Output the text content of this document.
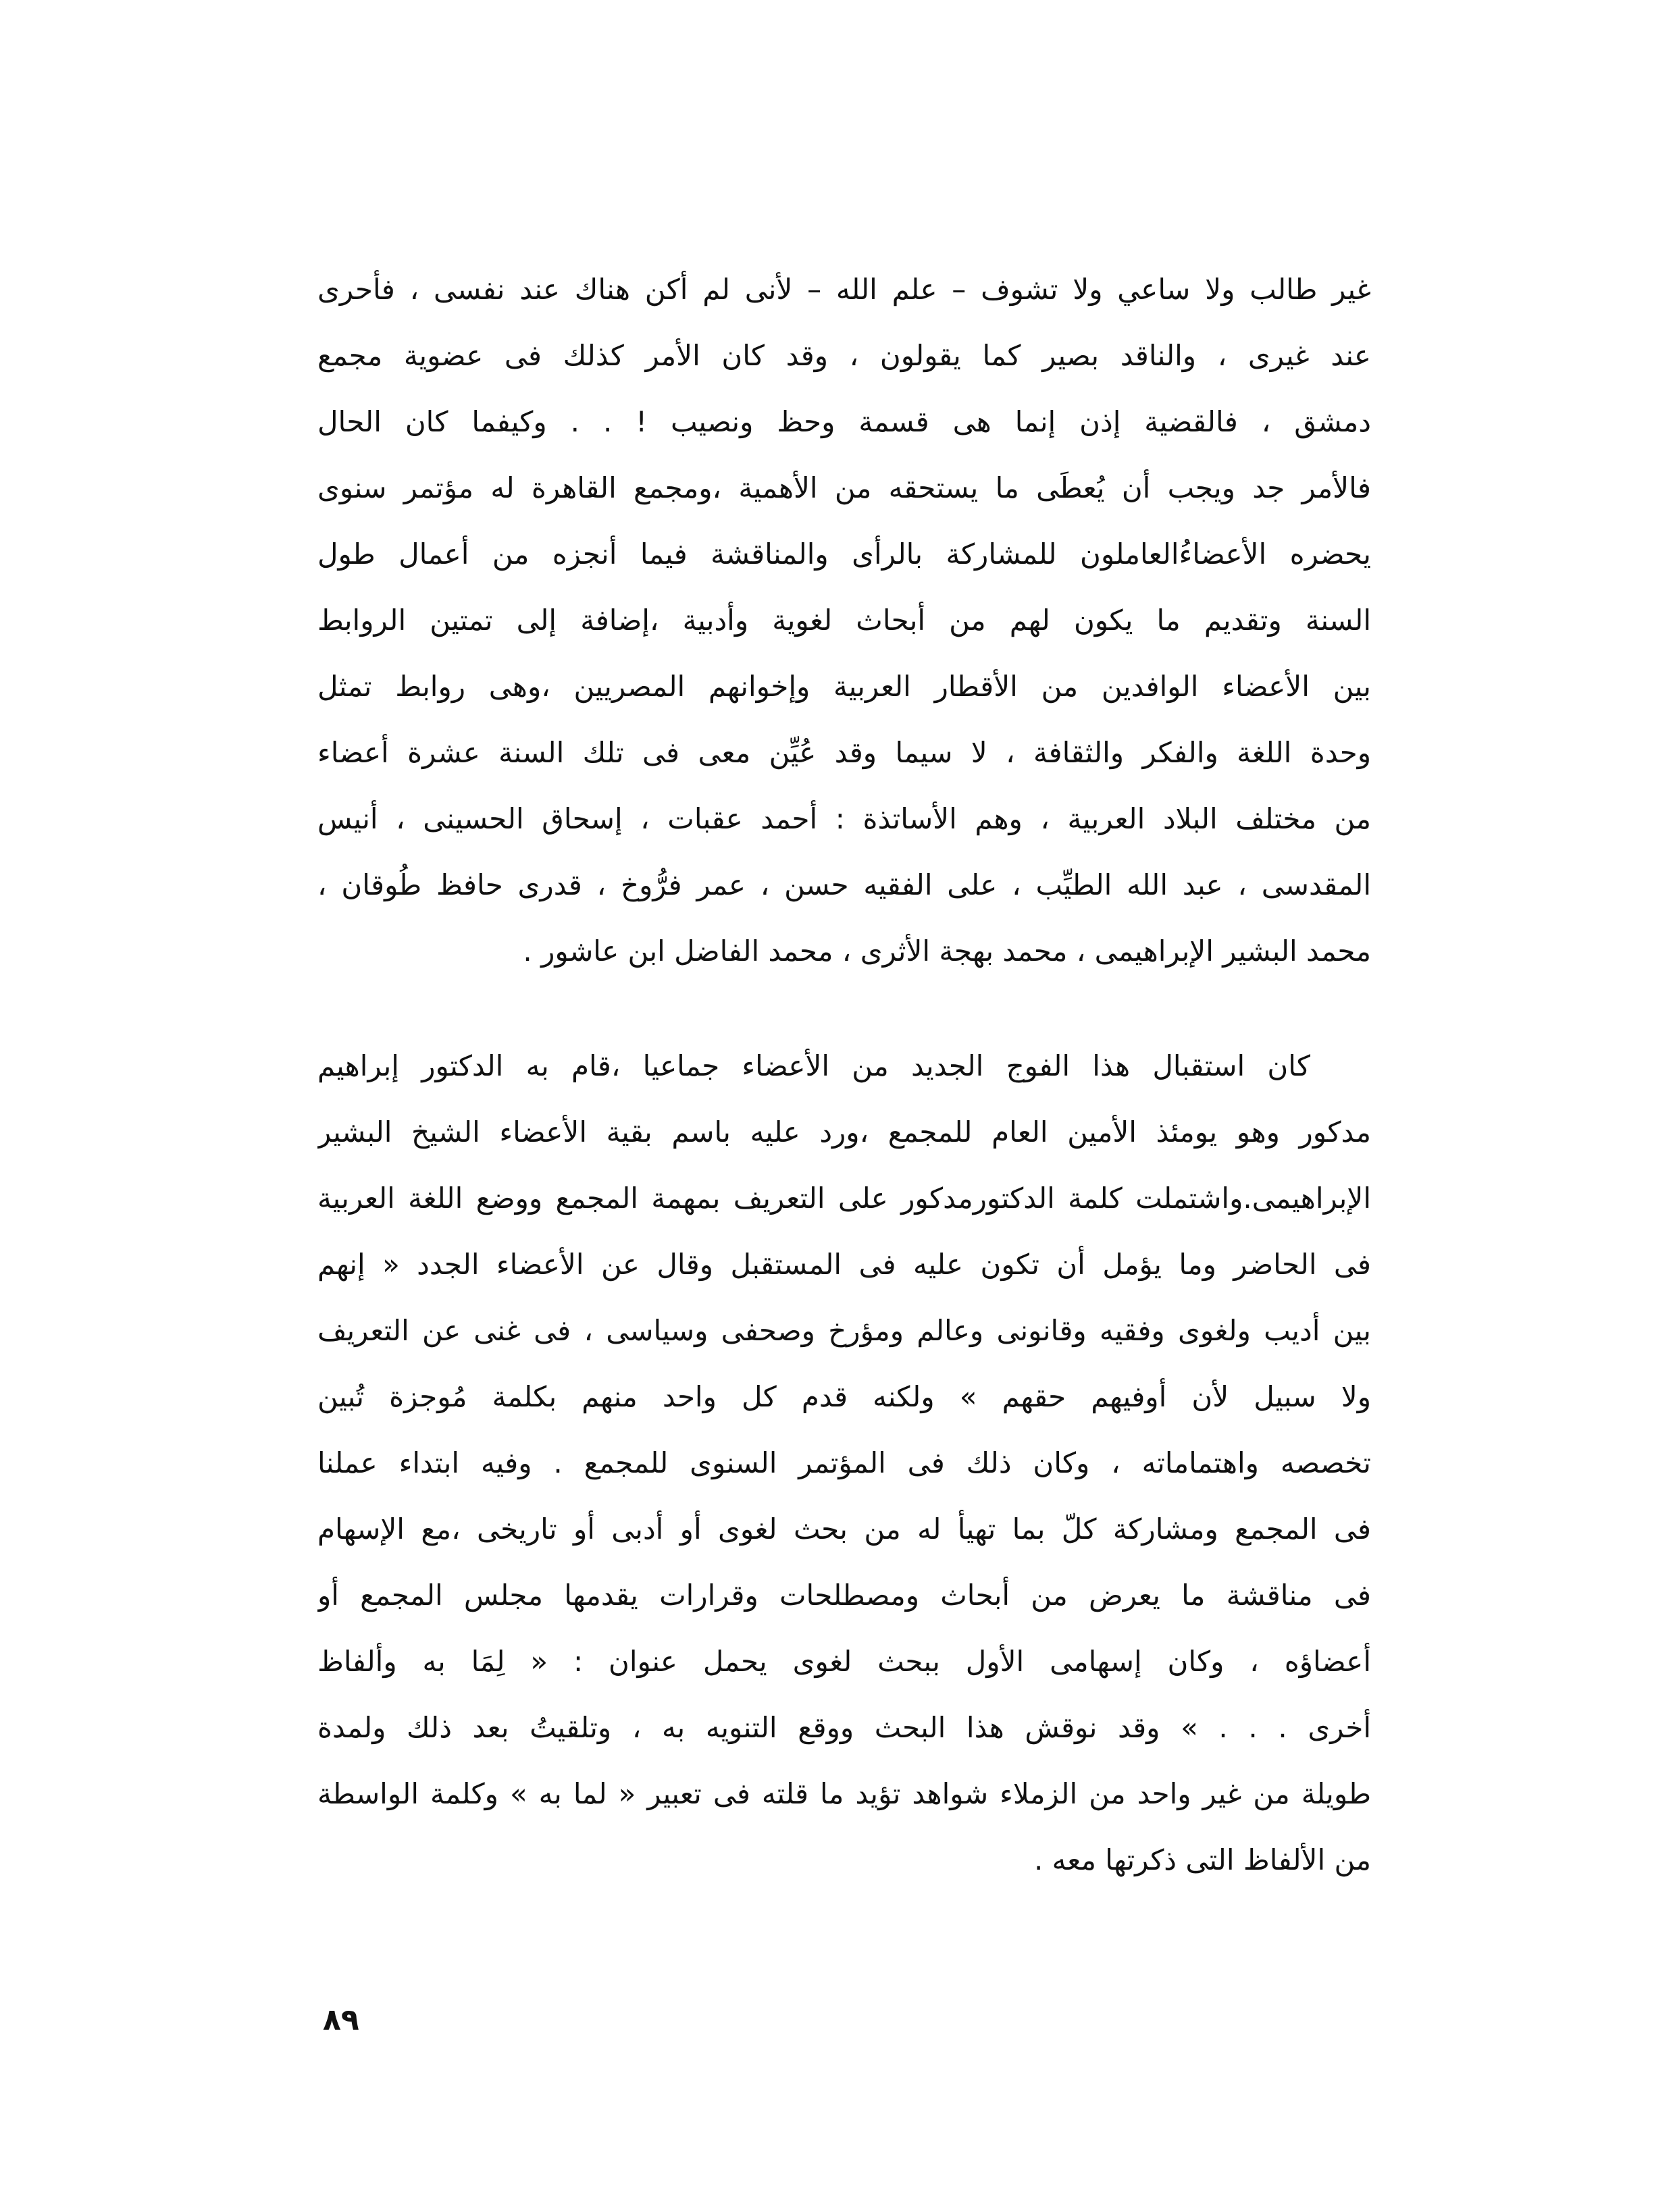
غير طالب ولا ساعي ولا تشوف – علم الله – لأنى لم أكن هناك عند نفسى ، فأحرى
عند غيرى ، والناقد بصير كما يقولون ، وقد كان الأمر كذلك فى عضوية مجمع
دمشق ، فالقضية إذن إنما هى قسمة وحظ ونصيب ! . . وكيفما كان الحال
فالأمر جد ويجب أن يُعطَى ما يستحقه من الأهمية ،ومجمع القاهرة له مؤتمر سنوى
يحضره الأعضاءُالعاملون للمشاركة بالرأى والمناقشة فيما أنجزه من أعمال طول
السنة وتقديم ما يكون لهم من أبحاث لغوية وأدبية ،إضافة إلى تمتين الروابط
بين الأعضاء الوافدين من الأقطار العربية وإخوانهم المصريين ،وهى روابط تمثل
وحدة اللغة والفكر والثقافة ، لا سيما وقد عُيِّن معى فى تلك السنة عشرة أعضاء
من مختلف البلاد العربية ، وهم الأساتذة : أحمد عقبات ، إسحاق الحسينى ، أنيس
المقدسى ، عبد الله الطيِّب ، على الفقيه حسن ، عمر فرُّوخ ، قدرى حافظ طُوقان ،
محمد البشير الإبراهيمى ، محمد بهجة الأثرى ، محمد الفاضل ابن عاشور .

كان استقبال هذا الفوج الجديد من الأعضاء جماعيا ،قام به الدكتور إبراهيم
مدكور وهو يومئذ الأمين العام للمجمع ،ورد عليه باسم بقية الأعضاء الشيخ البشير
الإبراهيمى.واشتملت كلمة الدكتورمدكور على التعريف بمهمة المجمع ووضع اللغة العربية
فى الحاضر وما يؤمل أن تكون عليه فى المستقبل وقال عن الأعضاء الجدد « إنهم
بين أديب ولغوى وفقيه وقانونى وعالم ومؤرخ وصحفى وسياسى ، فى غنى عن التعريف
ولا سبيل لأن أوفيهم حقهم » ولكنه قدم كل واحد منهم بكلمة مُوجزة تُبين
تخصصه واهتماماته ، وكان ذلك فى المؤتمر السنوى للمجمع . وفيه ابتداء عملنا
فى المجمع ومشاركة كلّ بما تهيأ له من بحث لغوى أو أدبى أو تاريخى ،مع الإسهام
فى مناقشة ما يعرض من أبحاث ومصطلحات وقرارات يقدمها مجلس المجمع أو
أعضاؤه ، وكان إسهامى الأول ببحث لغوى يحمل عنوان : « لِمَا به وألفاظ
أخرى . . . » وقد نوقش هذا البحث ووقع التنويه به ، وتلقيتُ بعد ذلك ولمدة
طويلة من غير واحد من الزملاء شواهد تؤيد ما قلته فى تعبير « لما به » وكلمة الواسطة
من الألفاظ التى ذكرتها معه .

٨٩
